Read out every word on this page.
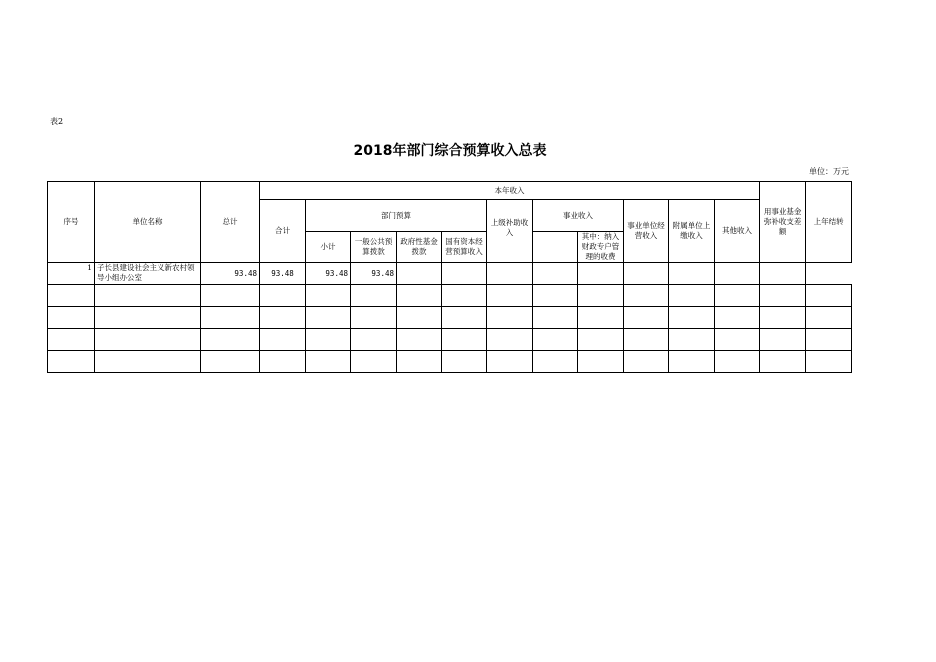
表2
2018年部门综合预算收入总表
单位：万元
序号	单位名称	总计	本年收入											用事业基金弥补收支差额	上年结转
			合计	部门预算				上级补助收入	事业收入		事业单位经营收入	附属单位上缴收入	其他收入		
				小计	一般公共预算拨款	政府性基金拨款	国有资本经营预算收入			其中：纳入财政专户管理的收费					
1	子长县建设社会主义新农村领导小组办公室	93.48	93.48	93.48	93.48										
